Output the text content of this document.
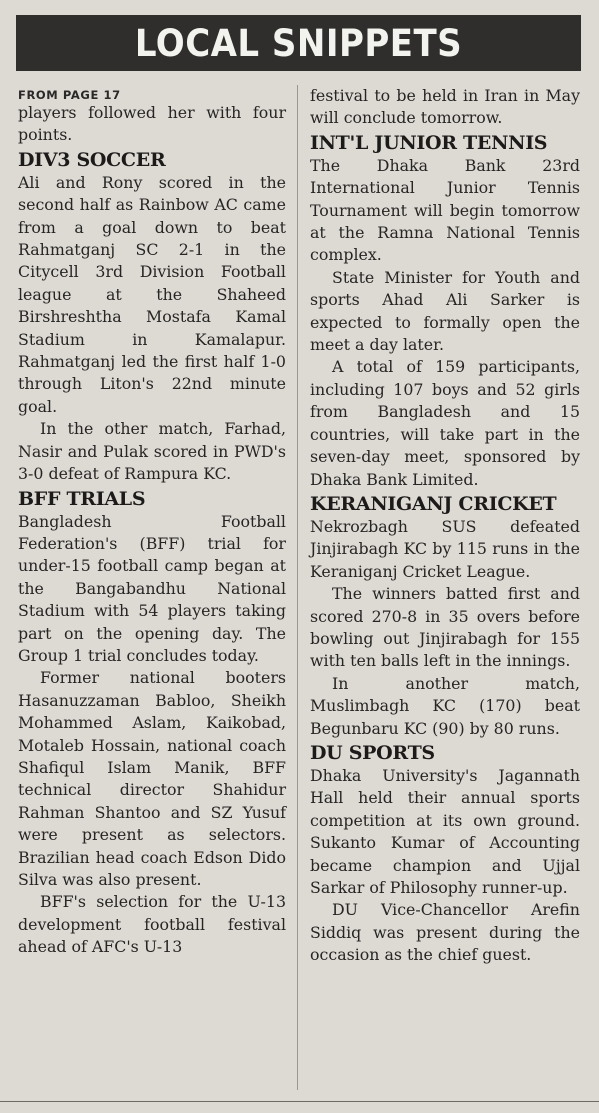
LOCAL SNIPPETS
FROM PAGE 17

players followed her with four points.

DIV3 SOCCER

Ali and Rony scored in the second half as Rainbow AC came from a goal down to beat Rahmatganj SC 2-1 in the Citycell 3rd Division Football league at the Shaheed Birshreshtha Mostafa Kamal Stadium in Kamalapur. Rahmatganj led the first half 1-0 through Liton's 22nd minute goal.

In the other match, Farhad, Nasir and Pulak scored in PWD's 3-0 defeat of Rampura KC.

BFF TRIALS

Bangladesh Football Federation's (BFF) trial for under-15 football camp began at the Bangabandhu National Stadium with 54 players taking part on the opening day. The Group 1 trial concludes today.

Former national booters Hasanuzzaman Babloo, Sheikh Mohammed Aslam, Kaikobad, Motaleb Hossain, national coach Shafiqul Islam Manik, BFF technical director Shahidur Rahman Shantoo and SZ Yusuf were present as selectors. Brazilian head coach Edson Dido Silva was also present.

BFF's selection for the U-13 development football festival ahead of AFC's U-13

festival to be held in Iran in May will conclude tomorrow.

INT'L JUNIOR TENNIS

The Dhaka Bank 23rd International Junior Tennis Tournament will begin tomorrow at the Ramna National Tennis complex.

State Minister for Youth and sports Ahad Ali Sarker is expected to formally open the meet a day later.

A total of 159 participants, including 107 boys and 52 girls from Bangladesh and 15 countries, will take part in the seven-day meet, sponsored by Dhaka Bank Limited.

KERANIGANJ CRICKET

Nekrozbagh SUS defeated Jinjirabagh KC by 115 runs in the Keraniganj Cricket League.

The winners batted first and scored 270-8 in 35 overs before bowling out Jinjirabagh for 155 with ten balls left in the innings.

In another match, Muslimbagh KC (170) beat Begunbaru KC (90) by 80 runs.

DU SPORTS

Dhaka University's Jagannath Hall held their annual sports competition at its own ground. Sukanto Kumar of Accounting became champion and Ujjal Sarkar of Philosophy runner-up.

DU Vice-Chancellor Arefin Siddiq was present during the occasion as the chief guest.
